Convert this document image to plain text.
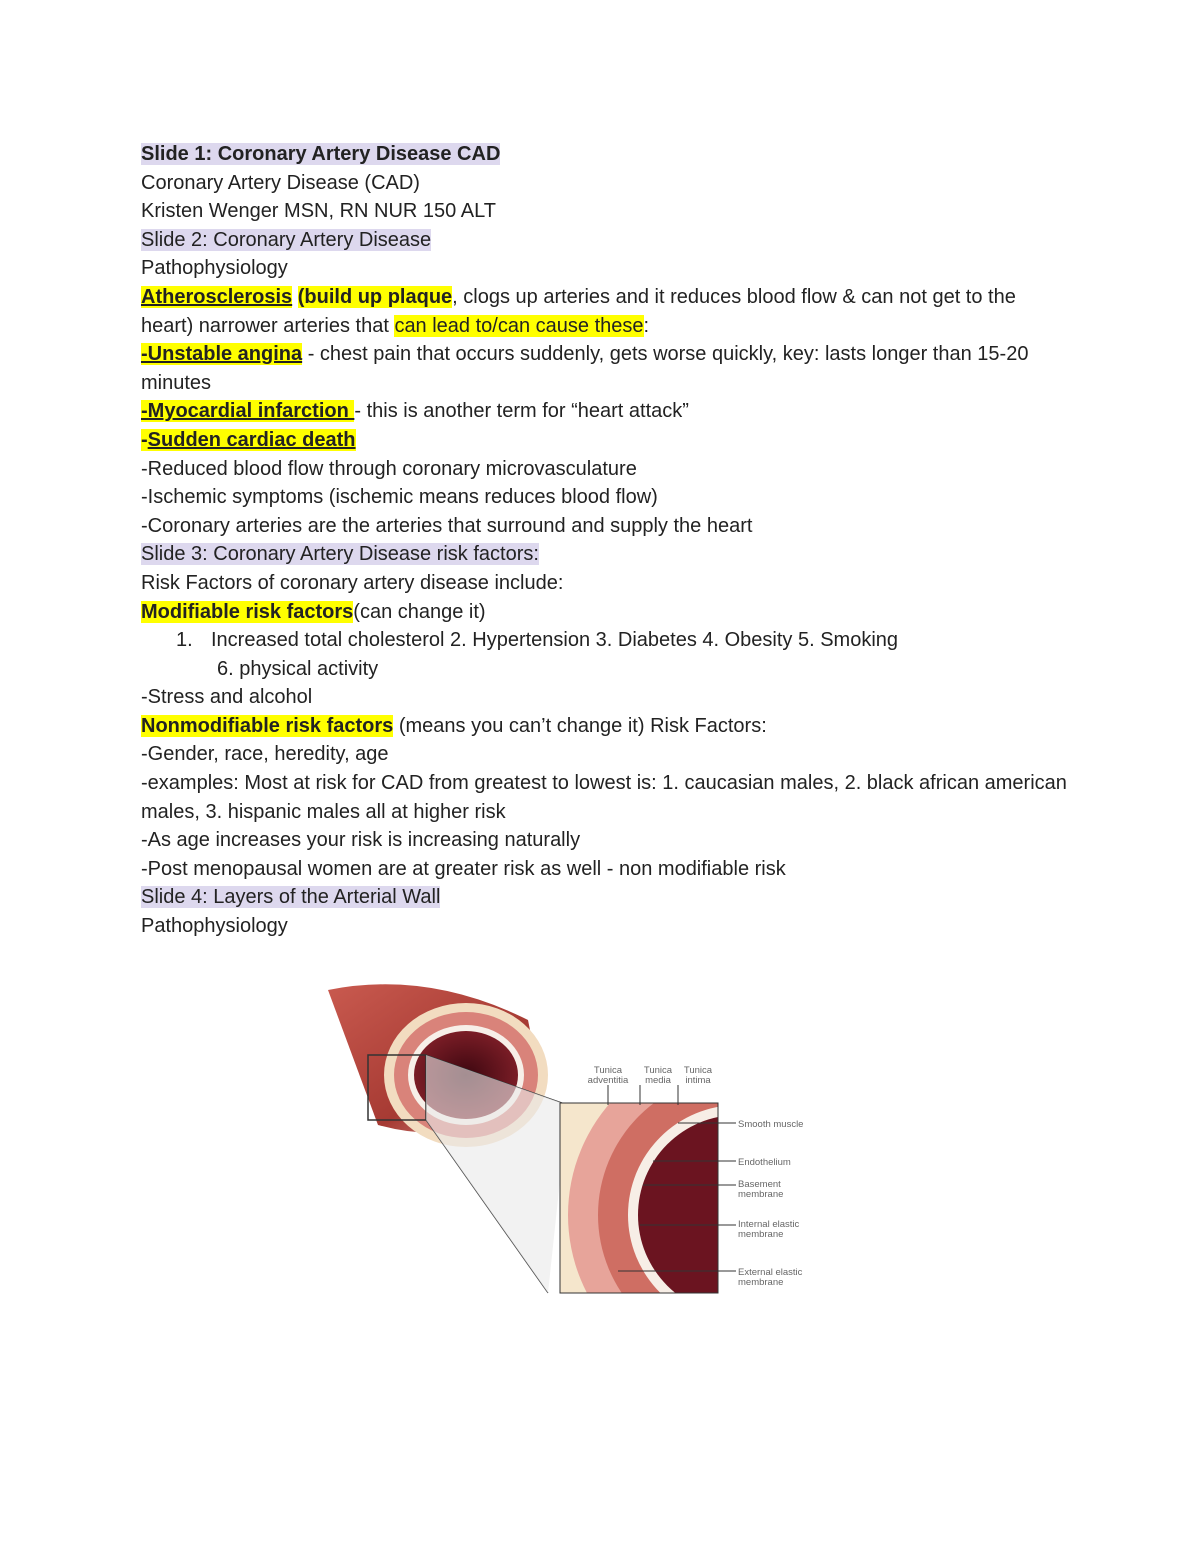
Slide 1: Coronary Artery Disease CAD
Coronary Artery Disease (CAD)
Kristen Wenger MSN, RN NUR 150 ALT
Slide 2: Coronary Artery Disease
Pathophysiology
Atherosclerosis (build up plaque, clogs up arteries and it reduces blood flow & can not get to the heart) narrower arteries that can lead to/can cause these:
-Unstable angina - chest pain that occurs suddenly, gets worse quickly, key: lasts longer than 15-20 minutes
-Myocardial infarction - this is another term for “heart attack”
-Sudden cardiac death
-Reduced blood flow through coronary microvasculature
-Ischemic symptoms (ischemic means reduces blood flow)
-Coronary arteries are the arteries that surround and supply the heart
Slide 3: Coronary Artery Disease risk factors:
Risk Factors of coronary artery disease include:
Modifiable risk factors(can change it)
1. Increased total cholesterol 2. Hypertension 3. Diabetes 4. Obesity 5. Smoking
6. physical activity
-Stress and alcohol
Nonmodifiable risk factors (means you can’t change it) Risk Factors:
-Gender, race, heredity, age
-examples: Most at risk for CAD from greatest to lowest is: 1. caucasian males, 2. black african american males, 3. hispanic males all at higher risk
-As age increases your risk is increasing naturally
-Post menopausal women are at greater risk as well - non modifiable risk
Slide 4: Layers of the Arterial Wall
Pathophysiology
Tunica
adventitia
Tunica
media
Tunica
intima
Smooth muscle
Endothelium
Basement
membrane
Internal elastic
membrane
External elastic
membrane
